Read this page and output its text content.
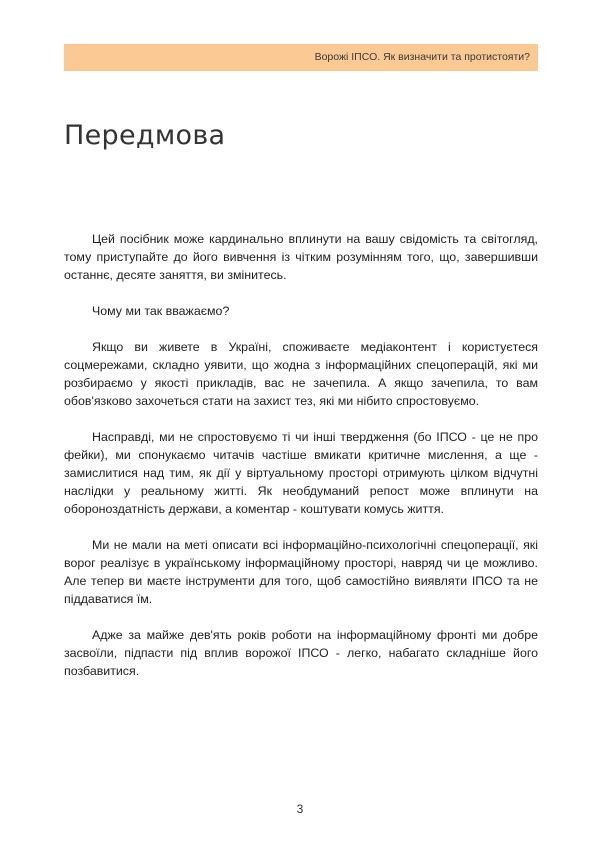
Ворожі ІПСО. Як визначити та протистояти?
Передмова

Цей посібник може кардинально вплинути на вашу свідомість та світогляд, тому приступайте до його вивчення із чітким розумінням того, що, завершивши останнє, десяте заняття, ви змінитесь.

Чому ми так вважаємо?

Якщо ви живете в Україні, споживаєте медіаконтент і користуєтеся соцмережами, складно уявити, що жодна з інформаційних спецоперацій, які ми розбираємо у якості прикладів, вас не зачепила. А якщо зачепила, то вам обов'язково захочеться стати на захист тез, які ми нібито спростовуємо.

Насправді, ми не спростовуємо ті чи інші твердження (бо ІПСО - це не про фейки), ми спонукаємо читачів частіше вмикати критичне мислення, а ще - замислитися над тим, як дії у віртуальному просторі отримують цілком відчутні наслідки у реальному житті. Як необдуманий репост може вплинути на обороноздатність держави, а коментар - коштувати комусь життя.

Ми не мали на меті описати всі інформаційно-психологічні спецоперації, які ворог реалізує в українському інформаційному просторі, навряд чи це можливо. Але тепер ви маєте інструменти для того, щоб самостійно виявляти ІПСО та не піддаватися їм.

Адже за майже дев'ять років роботи на інформаційному фронті ми добре засвоїли, підпасти під вплив ворожої ІПСО - легко, набагато складніше його позбавитися.

3
